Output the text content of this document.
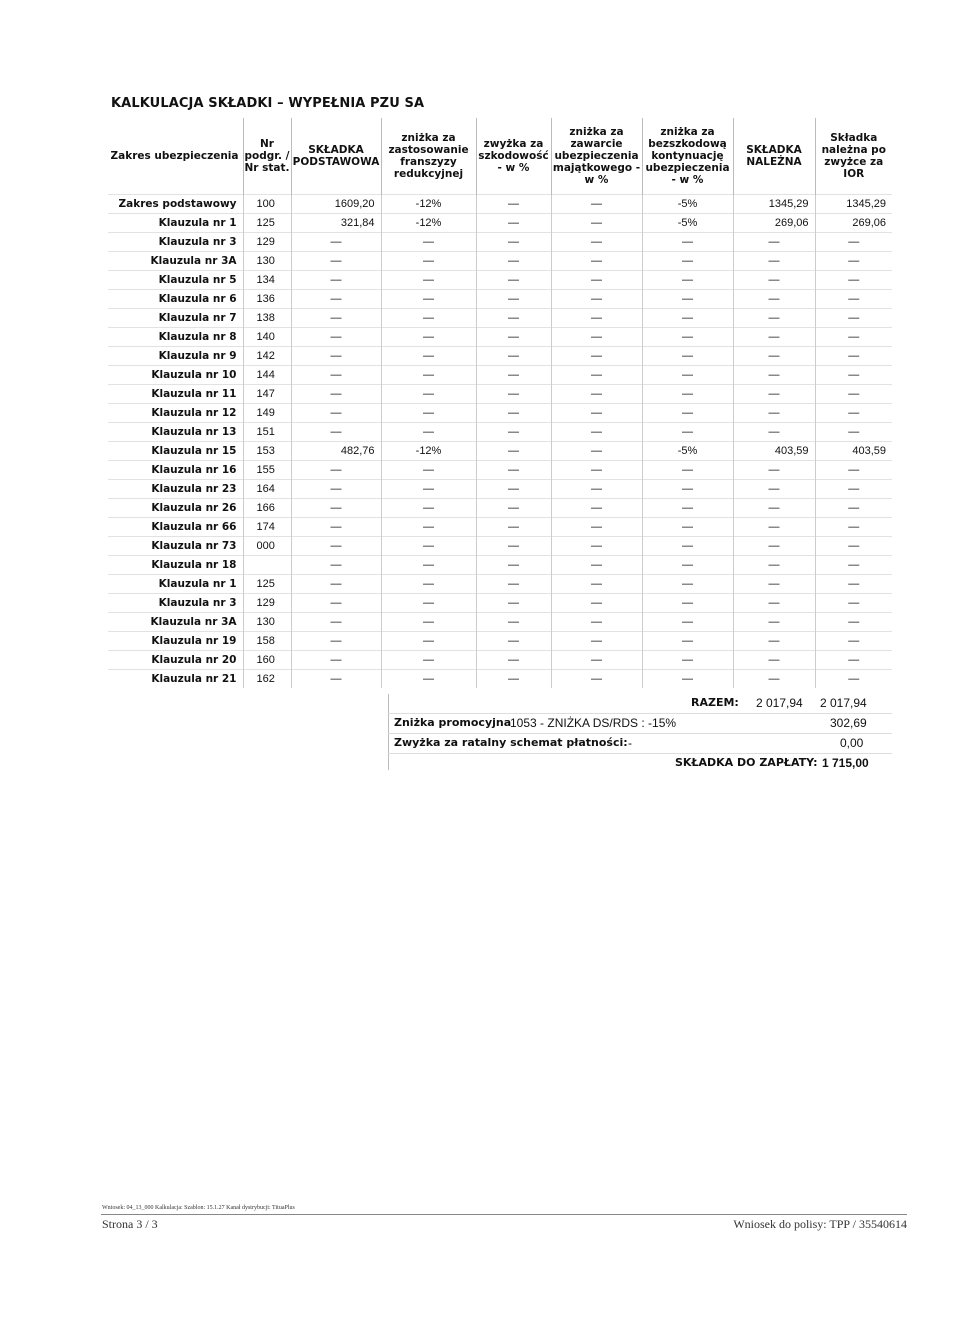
KALKULACJA SKŁADKI – WYPEŁNIA PZU SA
Zakres ubezpieczenia	Nr podgr. / Nr stat.	SKŁADKA PODSTAWOWA	zniżka za zastosowanie franszyzy redukcyjnej	zwyżka za szkodowość - w %	zniżka za zawarcie ubezpieczenia majątkowego - w %	zniżka za bezszkodową kontynuację ubezpieczenia - w %	SKŁADKA NALEŻNA	Składka należna po zwyżce za IOR
Zakres podstawowy	100	1609,20	-12%	—	—	-5%	1345,29	1345,29
Klauzula nr 1	125	321,84	-12%	—	—	-5%	269,06	269,06
Klauzula nr 3	129	—	—	—	—	—	—	—
Klauzula nr 3A	130	—	—	—	—	—	—	—
Klauzula nr 5	134	—	—	—	—	—	—	—
Klauzula nr 6	136	—	—	—	—	—	—	—
Klauzula nr 7	138	—	—	—	—	—	—	—
Klauzula nr 8	140	—	—	—	—	—	—	—
Klauzula nr 9	142	—	—	—	—	—	—	—
Klauzula nr 10	144	—	—	—	—	—	—	—
Klauzula nr 11	147	—	—	—	—	—	—	—
Klauzula nr 12	149	—	—	—	—	—	—	—
Klauzula nr 13	151	—	—	—	—	—	—	—
Klauzula nr 15	153	482,76	-12%	—	—	-5%	403,59	403,59
Klauzula nr 16	155	—	—	—	—	—	—	—
Klauzula nr 23	164	—	—	—	—	—	—	—
Klauzula nr 26	166	—	—	—	—	—	—	—
Klauzula nr 66	174	—	—	—	—	—	—	—
Klauzula nr 73	000	—	—	—	—	—	—	—
Klauzula nr 18		—	—	—	—	—	—	—
Klauzula nr 1	125	—	—	—	—	—	—	—
Klauzula nr 3	129	—	—	—	—	—	—	—
Klauzula nr 3A	130	—	—	—	—	—	—	—
Klauzula nr 19	158	—	—	—	—	—	—	—
Klauzula nr 20	160	—	—	—	—	—	—	—
Klauzula nr 21	162	—	—	—	—	—	—	—
RAZEM: 2 017,94 2 017,94
Zniżka promocyjna
1053 - ZNIŻKA DS/RDS : -15%	302,69
Zwyżka za ratalny schemat płatności: -	0,00
SKŁADKA DO ZAPŁATY: 1 715,00
Wniosek: 04_13_000 Kalkulacja: Szablon: 15.1.27 Kanał dystrybucji: TituaPlus
Strona 3 / 3	Wniosek do polisy: TPP / 35540614
